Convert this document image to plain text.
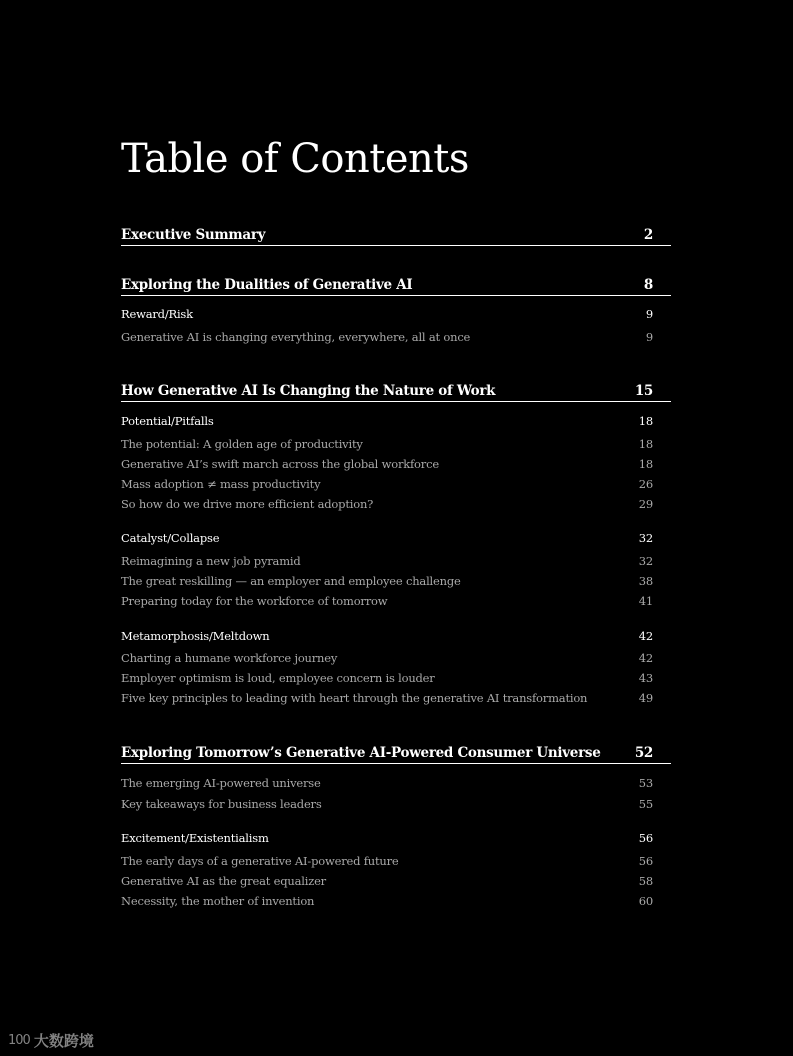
Table of Contents
Executive Summary	2
Exploring the Dualities of Generative AI	8
Reward/Risk	9
Generative AI is changing everything, everywhere, all at once	9
How Generative AI Is Changing the Nature of Work	15
Potential/Pitfalls	18
The potential: A golden age of productivity	18
Generative AI’s swift march across the global workforce	18
Mass adoption ≠ mass productivity	26
So how do we drive more efficient adoption?	29
Catalyst/Collapse	32
Reimagining a new job pyramid	32
The great reskilling — an employer and employee challenge	38
Preparing today for the workforce of tomorrow	41
Metamorphosis/Meltdown	42
Charting a humane workforce journey	42
Employer optimism is loud, employee concern is louder	43
Five key principles to leading with heart through the generative AI transformation	49
Exploring Tomorrow’s Generative AI-Powered Consumer Universe	52
The emerging AI-powered universe	53
Key takeaways for business leaders	55
Excitement/Existentialism	56
The early days of a generative AI-powered future	56
Generative AI as the great equalizer	58
Necessity, the mother of invention	60
100 大数跨境
